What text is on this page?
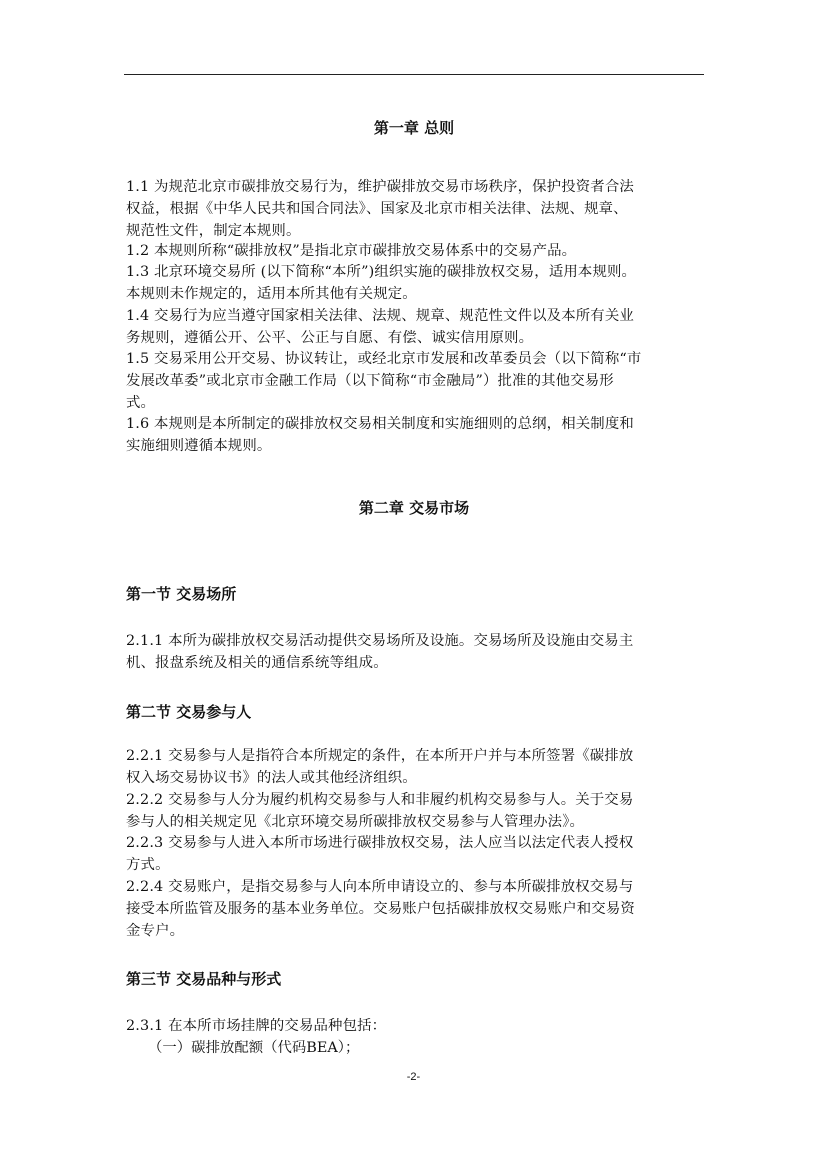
第一章 总则
1.1 为规范北京市碳排放交易行为，维护碳排放交易市场秩序，保护投资者合法
权益，根据《中华人民共和国合同法》、国家及北京市相关法律、法规、规章、
规范性文件，制定本规则。
1.2 本规则所称“碳排放权”是指北京市碳排放交易体系中的交易产品。
1.3 北京环境交易所 (以下简称“本所”)组织实施的碳排放权交易，适用本规则。
本规则未作规定的，适用本所其他有关规定。
1.4 交易行为应当遵守国家相关法律、法规、规章、规范性文件以及本所有关业
务规则，遵循公开、公平、公正与自愿、有偿、诚实信用原则。
1.5 交易采用公开交易、协议转让，或经北京市发展和改革委员会（以下简称“市
发展改革委”或北京市金融工作局（以下简称“市金融局”）批准的其他交易形
式。
1.6 本规则是本所制定的碳排放权交易相关制度和实施细则的总纲，相关制度和
实施细则遵循本规则。
第二章 交易市场
第一节 交易场所
2.1.1 本所为碳排放权交易活动提供交易场所及设施。交易场所及设施由交易主
机、报盘系统及相关的通信系统等组成。
第二节 交易参与人
2.2.1 交易参与人是指符合本所规定的条件，在本所开户并与本所签署《碳排放
权入场交易协议书》的法人或其他经济组织。
2.2.2 交易参与人分为履约机构交易参与人和非履约机构交易参与人。关于交易
参与人的相关规定见《北京环境交易所碳排放权交易参与人管理办法》。
2.2.3 交易参与人进入本所市场进行碳排放权交易，法人应当以法定代表人授权
方式。
2.2.4 交易账户，是指交易参与人向本所申请设立的、参与本所碳排放权交易与
接受本所监管及服务的基本业务单位。交易账户包括碳排放权交易账户和交易资
金专户。
第三节 交易品种与形式
2.3.1 在本所市场挂牌的交易品种包括：
（一）碳排放配额（代码BEA）；
-2-
